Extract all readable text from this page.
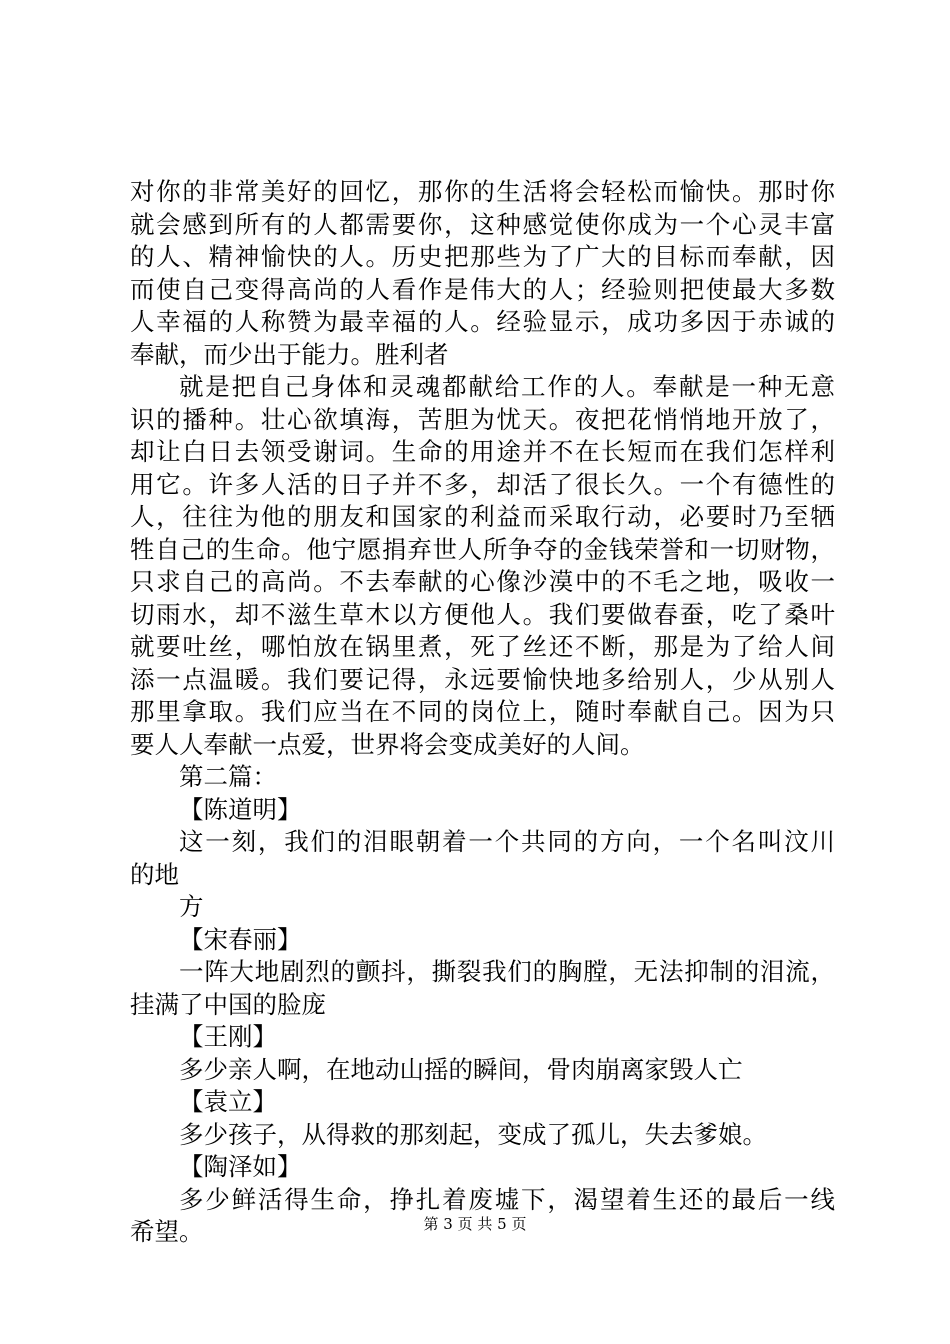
对你的非常美好的回忆，那你的生活将会轻松而愉快。那时你
就会感到所有的人都需要你，这种感觉使你成为一个心灵丰富
的人、精神愉快的人。历史把那些为了广大的目标而奉献，因
而使自己变得高尚的人看作是伟大的人；经验则把使最大多数
人幸福的人称赞为最幸福的人。经验显示，成功多因于赤诚的
奉献，而少出于能力。胜利者
就是把自己身体和灵魂都献给工作的人。奉献是一种无意
识的播种。壮心欲填海，苦胆为忧天。夜把花悄悄地开放了，
却让白日去领受谢词。生命的用途并不在长短而在我们怎样利
用它。许多人活的日子并不多，却活了很长久。一个有德性的
人，往往为他的朋友和国家的利益而采取行动，必要时乃至牺
牲自己的生命。他宁愿捐弃世人所争夺的金钱荣誉和一切财物，
只求自己的高尚。不去奉献的心像沙漠中的不毛之地，吸收一
切雨水，却不滋生草木以方便他人。我们要做春蚕，吃了桑叶
就要吐丝，哪怕放在锅里煮，死了丝还不断，那是为了给人间
添一点温暖。我们要记得，永远要愉快地多给别人，少从别人
那里拿取。我们应当在不同的岗位上，随时奉献自己。因为只
要人人奉献一点爱，世界将会变成美好的人间。
第二篇：
【陈道明】
这一刻，我们的泪眼朝着一个共同的方向，一个名叫汶川
的地
方
【宋春丽】
一阵大地剧烈的颤抖，撕裂我们的胸膛，无法抑制的泪流，
挂满了中国的脸庞
【王刚】
多少亲人啊，在地动山摇的瞬间，骨肉崩离家毁人亡
【袁立】
多少孩子，从得救的那刻起，变成了孤儿，失去爹娘。
【陶泽如】
多少鲜活得生命，挣扎着废墟下，渴望着生还的最后一线
希望。	第 3 页 共 5 页
